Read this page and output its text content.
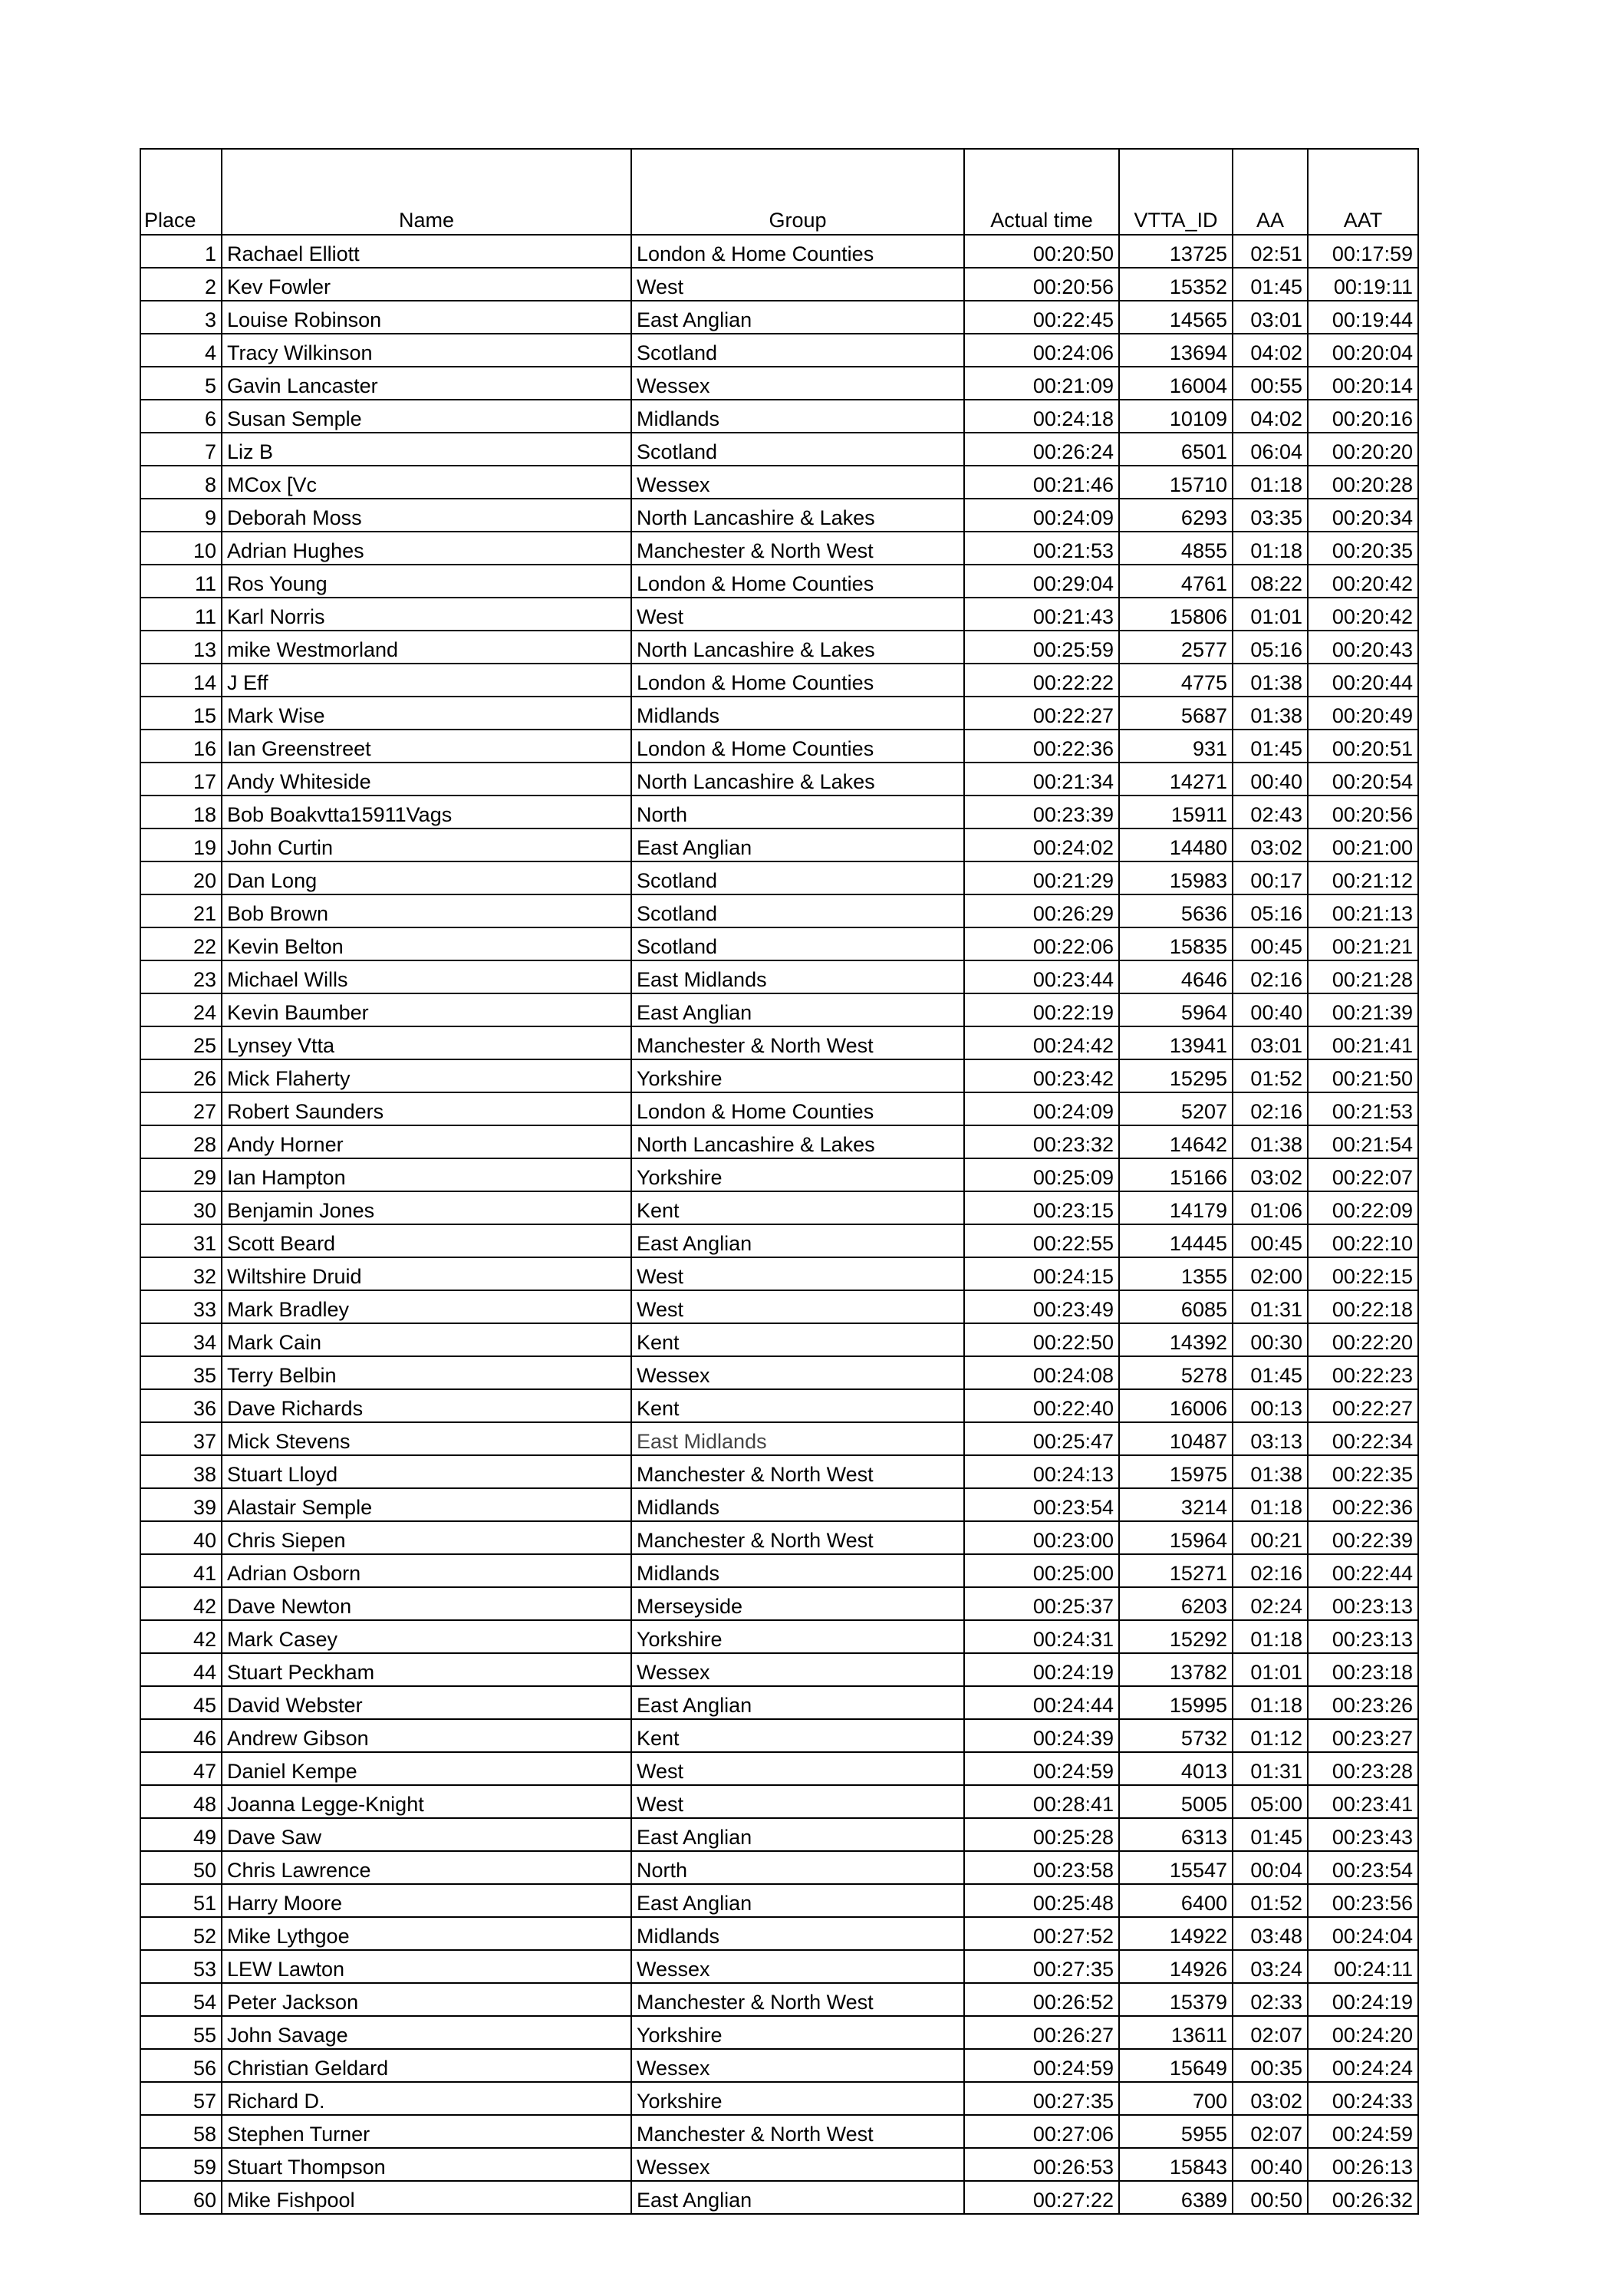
Place	Name	Group	Actual time	VTTA_ID	AA	AAT
1	Rachael Elliott	London & Home Counties	00:20:50	13725	02:51	00:17:59
2	Kev Fowler	West	00:20:56	15352	01:45	00:19:11
3	Louise Robinson	East Anglian	00:22:45	14565	03:01	00:19:44
4	Tracy Wilkinson	Scotland	00:24:06	13694	04:02	00:20:04
5	Gavin Lancaster	Wessex	00:21:09	16004	00:55	00:20:14
6	Susan Semple	Midlands	00:24:18	10109	04:02	00:20:16
7	Liz B	Scotland	00:26:24	6501	06:04	00:20:20
8	MCox [Vc	Wessex	00:21:46	15710	01:18	00:20:28
9	Deborah Moss	North Lancashire & Lakes	00:24:09	6293	03:35	00:20:34
10	Adrian Hughes	Manchester & North West	00:21:53	4855	01:18	00:20:35
11	Ros Young	London & Home Counties	00:29:04	4761	08:22	00:20:42
11	Karl Norris	West	00:21:43	15806	01:01	00:20:42
13	mike Westmorland	North Lancashire & Lakes	00:25:59	2577	05:16	00:20:43
14	J Eff	London & Home Counties	00:22:22	4775	01:38	00:20:44
15	Mark Wise	Midlands	00:22:27	5687	01:38	00:20:49
16	Ian Greenstreet	London & Home Counties	00:22:36	931	01:45	00:20:51
17	Andy Whiteside	North Lancashire & Lakes	00:21:34	14271	00:40	00:20:54
18	Bob Boakvtta15911Vags	North	00:23:39	15911	02:43	00:20:56
19	John Curtin	East Anglian	00:24:02	14480	03:02	00:21:00
20	Dan Long	Scotland	00:21:29	15983	00:17	00:21:12
21	Bob Brown	Scotland	00:26:29	5636	05:16	00:21:13
22	Kevin Belton	Scotland	00:22:06	15835	00:45	00:21:21
23	Michael Wills	East Midlands	00:23:44	4646	02:16	00:21:28
24	Kevin Baumber	East Anglian	00:22:19	5964	00:40	00:21:39
25	Lynsey Vtta	Manchester & North West	00:24:42	13941	03:01	00:21:41
26	Mick Flaherty	Yorkshire	00:23:42	15295	01:52	00:21:50
27	Robert Saunders	London & Home Counties	00:24:09	5207	02:16	00:21:53
28	Andy Horner	North Lancashire & Lakes	00:23:32	14642	01:38	00:21:54
29	Ian Hampton	Yorkshire	00:25:09	15166	03:02	00:22:07
30	Benjamin Jones	Kent	00:23:15	14179	01:06	00:22:09
31	Scott Beard	East Anglian	00:22:55	14445	00:45	00:22:10
32	Wiltshire Druid	West	00:24:15	1355	02:00	00:22:15
33	Mark Bradley	West	00:23:49	6085	01:31	00:22:18
34	Mark Cain	Kent	00:22:50	14392	00:30	00:22:20
35	Terry Belbin	Wessex	00:24:08	5278	01:45	00:22:23
36	Dave Richards	Kent	00:22:40	16006	00:13	00:22:27
37	Mick Stevens	East Midlands	00:25:47	10487	03:13	00:22:34
38	Stuart Lloyd	Manchester & North West	00:24:13	15975	01:38	00:22:35
39	Alastair Semple	Midlands	00:23:54	3214	01:18	00:22:36
40	Chris Siepen	Manchester & North West	00:23:00	15964	00:21	00:22:39
41	Adrian Osborn	Midlands	00:25:00	15271	02:16	00:22:44
42	Dave Newton	Merseyside	00:25:37	6203	02:24	00:23:13
42	Mark Casey	Yorkshire	00:24:31	15292	01:18	00:23:13
44	Stuart Peckham	Wessex	00:24:19	13782	01:01	00:23:18
45	David Webster	East Anglian	00:24:44	15995	01:18	00:23:26
46	Andrew Gibson	Kent	00:24:39	5732	01:12	00:23:27
47	Daniel Kempe	West	00:24:59	4013	01:31	00:23:28
48	Joanna Legge-Knight	West	00:28:41	5005	05:00	00:23:41
49	Dave Saw	East Anglian	00:25:28	6313	01:45	00:23:43
50	Chris Lawrence	North	00:23:58	15547	00:04	00:23:54
51	Harry Moore	East Anglian	00:25:48	6400	01:52	00:23:56
52	Mike Lythgoe	Midlands	00:27:52	14922	03:48	00:24:04
53	LEW Lawton	Wessex	00:27:35	14926	03:24	00:24:11
54	Peter Jackson	Manchester & North West	00:26:52	15379	02:33	00:24:19
55	John Savage	Yorkshire	00:26:27	13611	02:07	00:24:20
56	Christian Geldard	Wessex	00:24:59	15649	00:35	00:24:24
57	Richard D.	Yorkshire	00:27:35	700	03:02	00:24:33
58	Stephen Turner	Manchester & North West	00:27:06	5955	02:07	00:24:59
59	Stuart Thompson	Wessex	00:26:53	15843	00:40	00:26:13
60	Mike Fishpool	East Anglian	00:27:22	6389	00:50	00:26:32
